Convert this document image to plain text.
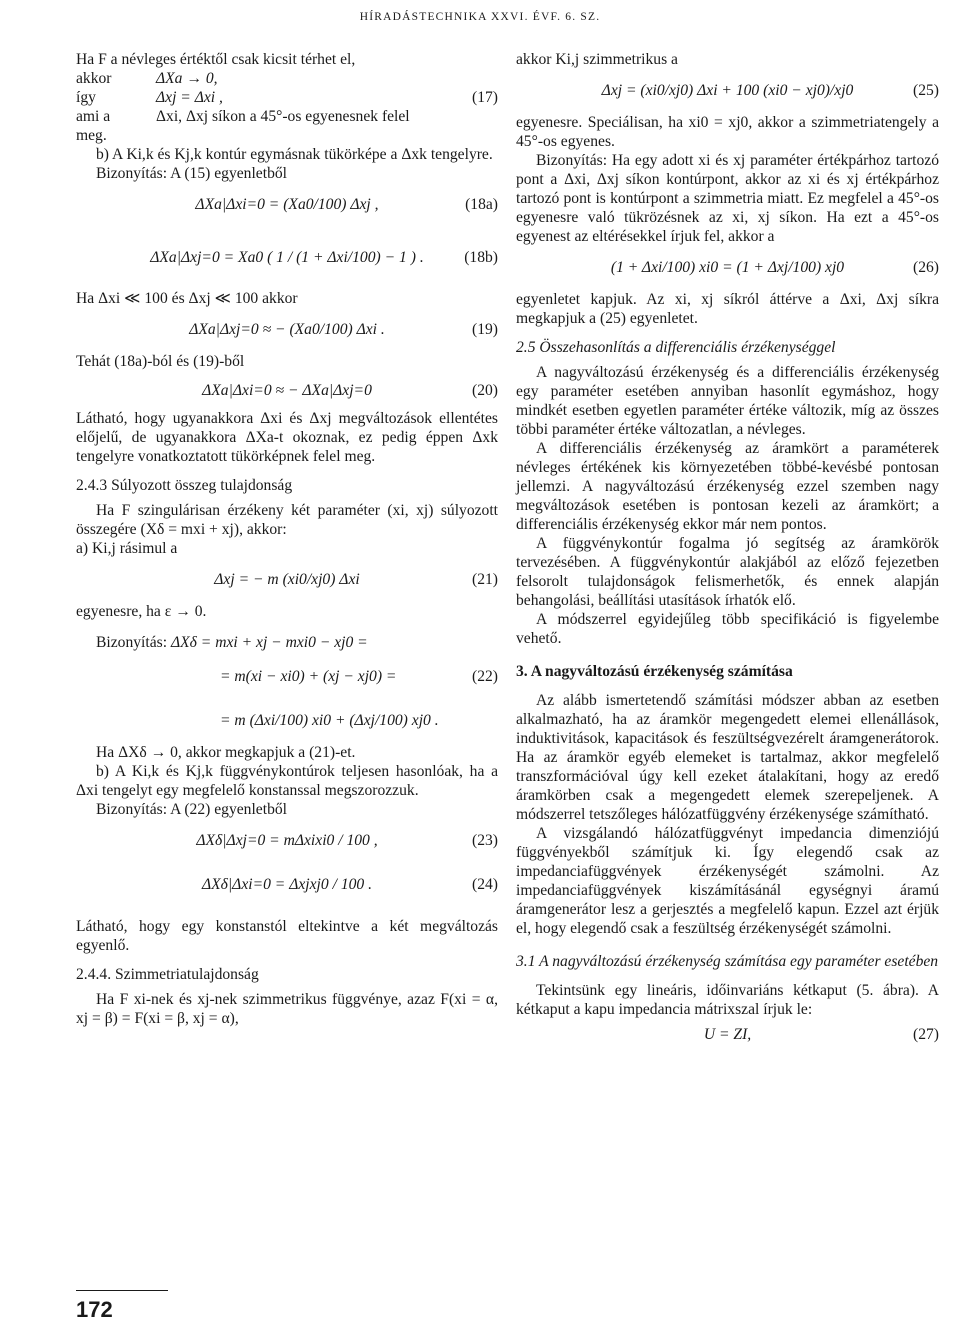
HÍRADÁSTECHNIKA XXVI. ÉVF. 6. SZ.

Ha F a névleges értéktől csak kicsit térhet el,

akkor	ΔXa → 0,
így	Δxj = Δxi ,	(17)
ami a	Δxi, Δxj síkon a 45°-os egyenesnek felel

meg.

b) A Ki,k és Kj,k kontúr egymásnak tükörképe a Δxk tengelyre.

Bizonyítás: A (15) egyenletből

ΔXa|Δxi=0 = (Xa0/100) Δxj ,	(18a)
ΔXa|Δxj=0 = Xa0 ( 1 / (1 + Δxi/100) − 1 ) .	(18b)

Ha Δxi ≪ 100 és Δxj ≪ 100 akkor

ΔXa|Δxj=0 ≈ − (Xa0/100) Δxi .	(19)

Tehát (18a)-ból és (19)-ből

ΔXa|Δxi=0 ≈ − ΔXa|Δxj=0	(20)

Látható, hogy ugyanakkora Δxi és Δxj megváltozások ellentétes előjelű, de ugyanakkora ΔXa-t okoznak, ez pedig éppen Δxk tengelyre vonatkoztatott tükörképnek felel meg.

2.4.3 Súlyozott összeg tulajdonság

Ha F szingulárisan érzékeny két paraméter (xi, xj) súlyozott összegére (Xδ = mxi + xj), akkor:

a) Ki,j rásimul a

Δxj = − m (xi0/xj0) Δxi	(21)

egyenesre, ha ε → 0.

Bizonyítás: ΔXδ = mxi + xj − mxi0 − xj0 =
= m(xi − xi0) + (xj − xj0) =	(22)
= m (Δxi/100) xi0 + (Δxj/100) xj0 .

Ha ΔXδ → 0, akkor megkapjuk a (21)-et.

b) A Ki,k és Kj,k függvénykontúrok teljesen hasonlóak, ha a Δxi tengelyt egy megfelelő konstanssal megszorozzuk.

Bizonyítás: A (22) egyenletből

ΔXδ|Δxj=0 = mΔxixi0 / 100 ,	(23)
ΔXδ|Δxi=0 = Δxjxj0 / 100 .	(24)

Látható, hogy egy konstanstól eltekintve a két megváltozás egyenlő.

2.4.4. Szimmetriatulajdonság

Ha F xi-nek és xj-nek szimmetrikus függvénye, azaz F(xi = α, xj = β) = F(xi = β, xj = α),

akkor Ki,j szimmetrikus a

Δxj = (xi0/xj0) Δxi + 100 (xi0 − xj0)/xj0	(25)

egyenesre. Speciálisan, ha xi0 = xj0, akkor a szimmetriatengely a 45°-os egyenes.

Bizonyítás: Ha egy adott xi és xj paraméter értékpárhoz tartozó pont a Δxi, Δxj síkon kontúrpont, akkor az xi és xj értékpárhoz tartozó pont is kontúrpont a szimmetria miatt. Ez megfelel a 45°-os egyenesre való tükrözésnek az xi, xj síkon. Ha ezt a 45°-os egyenest az eltérésekkel írjuk fel, akkor a

(1 + Δxi/100) xi0 = (1 + Δxj/100) xj0	(26)

egyenletet kapjuk. Az xi, xj síkról áttérve a Δxi, Δxj síkra megkapjuk a (25) egyenletet.

2.5 Összehasonlítás a differenciális érzékenységgel

A nagyváltozású érzékenység és a differenciális érzékenység egy paraméter esetében annyiban hasonlít egymáshoz, hogy mindkét esetben egyetlen paraméter értéke változik, míg az összes többi paraméter értéke változatlan, a névleges.

A differenciális érzékenység az áramkört a paraméterek névleges értékének kis környezetében többé-kevésbé pontosan jellemzi. A nagyváltozású érzékenység ezzel szemben nagy megváltozások esetében is pontosan kezeli az áramkört; a differenciális érzékenység ekkor már nem pontos.

A függvénykontúr fogalma jó segítség az áramkörök tervezésében. A függvénykontúr alakjából az előző fejezetben felsorolt tulajdonságok felismerhetők, és ennek alapján behangolási, beállítási utasítások írhatók elő.

A módszerrel egyidejűleg több specifikáció is figyelembe vehető.

3. A nagyváltozású érzékenység számítása

Az alább ismertetendő számítási módszer abban az esetben alkalmazható, ha az áramkör megengedett elemei ellenállások, induktivitások, kapacitások és feszültségvezérelt áramgenerátorok. Ha az áramkör egyéb elemeket is tartalmaz, akkor megfelelő transzformációval úgy kell ezeket átalakítani, hogy az eredő áramkörben csak a megengedett elemek szerepeljenek. A módszerrel tetszőleges hálózatfüggvény érzékenysége számítható.

A vizsgálandó hálózatfüggvényt impedancia dimenziójú függvényekből számítjuk ki. Így elegendő csak az impedanciafüggvények érzékenységét számolni. Az impedanciafüggvények kiszámításánál egységnyi áramú áramgenerátor lesz a gerjesztés a megfelelő kapun. Ezzel azt érjük el, hogy elegendő csak a feszültség érzékenységét számolni.

3.1 A nagyváltozású érzékenység számítása egy paraméter esetében

Tekintsünk egy lineáris, időinvariáns kétkaput (5. ábra). A kétkaput a kapu impedancia mátrixszal írjuk le:

U = ZI,	(27)
172
